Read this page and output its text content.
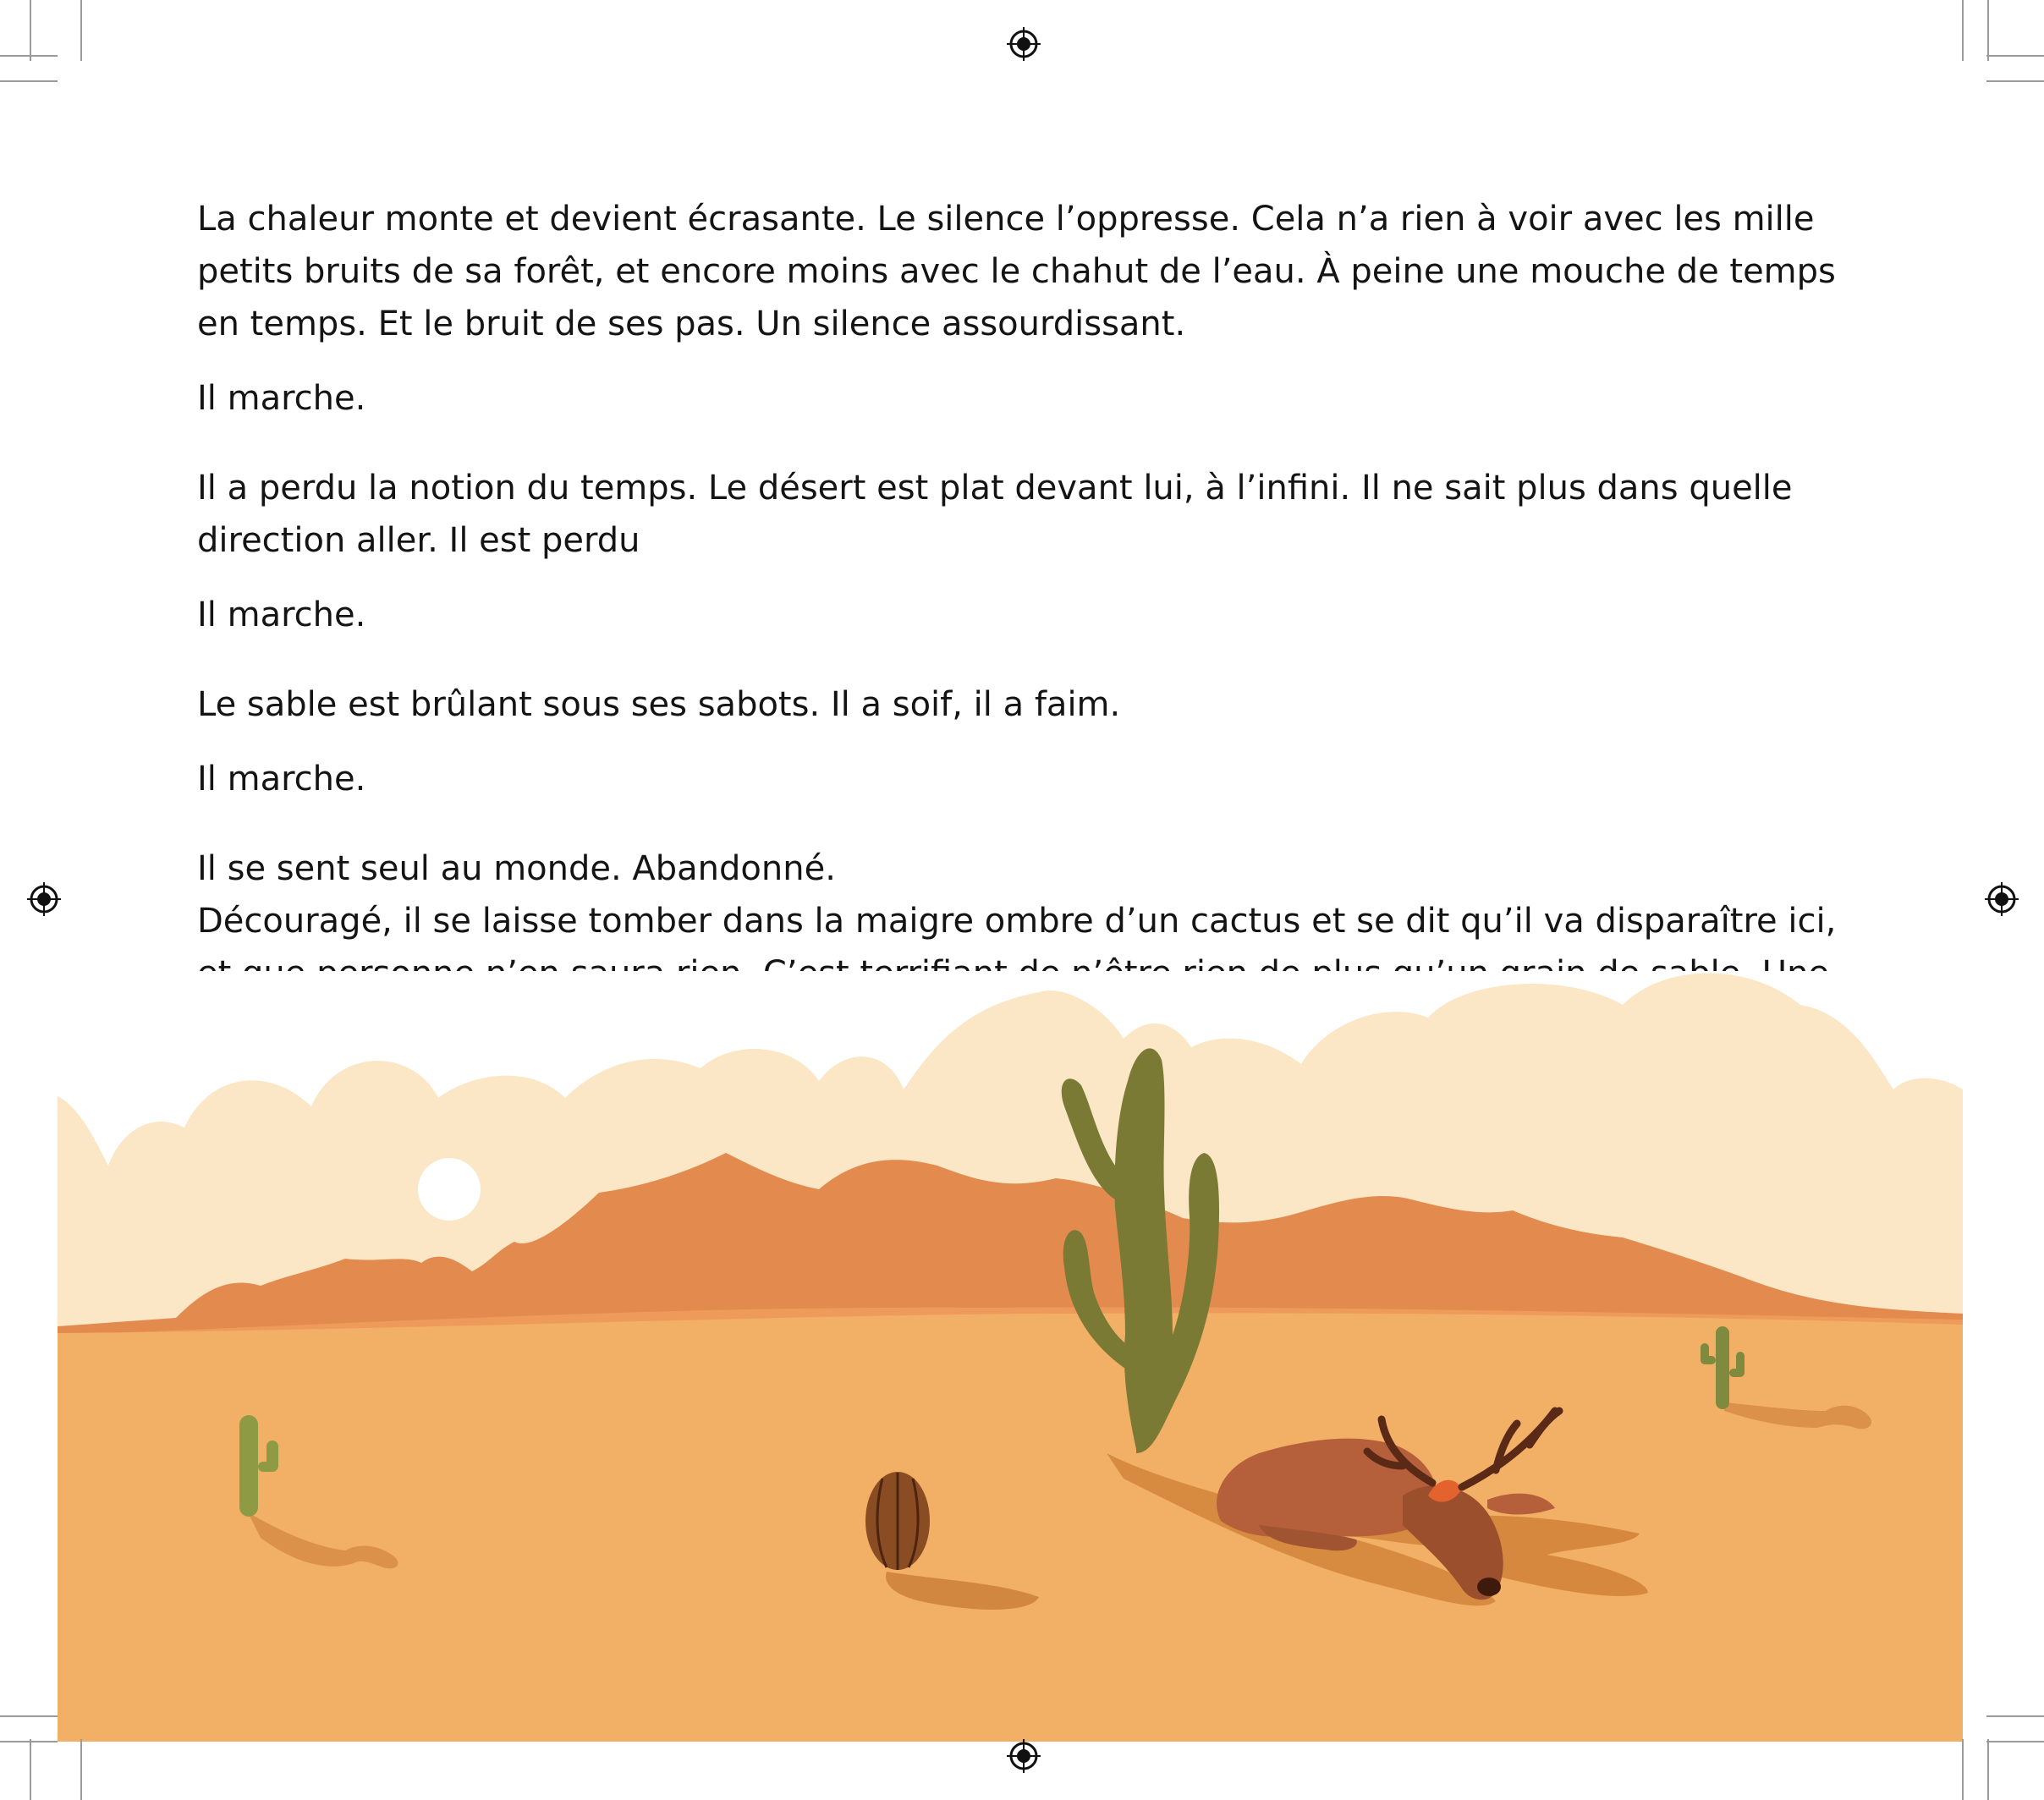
La chaleur monte et devient écrasante. Le silence l’oppresse. Cela n’a rien à voir avec les mille petits bruits de sa forêt, et encore moins avec le chahut de l’eau. À peine une mouche de temps en temps. Et le bruit de ses pas. Un silence assourdissant.

Il marche.

Il a perdu la notion du temps. Le désert est plat devant lui, à l’infini. Il ne sait plus dans quelle direction aller. Il est perdu

Il marche.

Le sable est brûlant sous ses sabots. Il a soif, il a faim.

Il marche.

Il se sent seul au monde. Abandonné.

Découragé, il se laisse tomber dans la maigre ombre d’un cactus et se dit qu’il va disparaître ici,
